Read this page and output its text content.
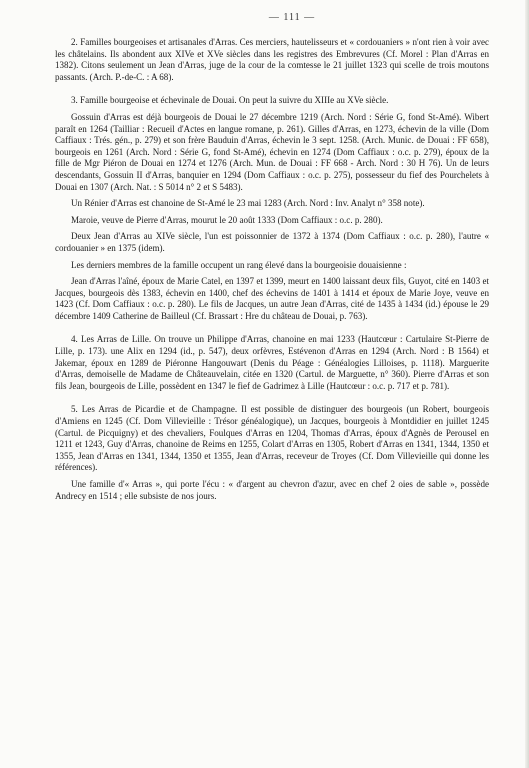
— 111 —

2. Familles bourgeoises et artisanales d'Arras. Ces merciers, hautelisseurs et « cordouaniers » n'ont rien à voir avec les châtelains. Ils abondent aux XIVe et XVe siècles dans les registres des Embrevures (Cf. Morel : Plan d'Arras en 1382). Citons seulement un Jean d'Arras, juge de la cour de la comtesse le 21 juillet 1323 qui scelle de trois moutons passants. (Arch. P.-de-C. : A 68).

3. Famille bourgeoise et échevinale de Douai. On peut la suivre du XIIIe au XVe siècle.

Gossuin d'Arras est déjà bourgeois de Douai le 27 décembre 1219 (Arch. Nord : Série G, fond St-Amé). Wibert paraît en 1264 (Tailliar : Recueil d'Actes en langue romane, p. 261). Gilles d'Arras, en 1273, échevin de la ville (Dom Caffiaux : Trés. gén., p. 279) et son frère Bauduin d'Arras, échevin le 3 sept. 1258. (Arch. Munic. de Douai : FF 658), bourgeois en 1261 (Arch. Nord : Série G, fond St-Amé), échevin en 1274 (Dom Caffiaux : o.c. p. 279), époux de la fille de Mgr Piéron de Douai en 1274 et 1276 (Arch. Mun. de Douai : FF 668 - Arch. Nord : 30 H 76). Un de leurs descendants, Gossuin II d'Arras, banquier en 1294 (Dom Caffiaux : o.c. p. 275), possesseur du fief des Pourchelets à Douai en 1307 (Arch. Nat. : S 5014 n° 2 et S 5483).

Un Rénier d'Arras est chanoine de St-Amé le 23 mai 1283 (Arch. Nord : Inv. Analyt n° 358 note).

Maroie, veuve de Pierre d'Arras, mourut le 20 août 1333 (Dom Caffiaux : o.c. p. 280).

Deux Jean d'Arras au XIVe siècle, l'un est poissonnier de 1372 à 1374 (Dom Caffiaux : o.c. p. 280), l'autre « cordouanier » en 1375 (idem).

Les derniers membres de la famille occupent un rang élevé dans la bourgeoisie douaisienne :

Jean d'Arras l'aîné, époux de Marie Catel, en 1397 et 1399, meurt en 1400 laissant deux fils, Guyot, cité en 1403 et Jacques, bourgeois dès 1383, échevin en 1400, chef des échevins de 1401 à 1414 et époux de Marie Joye, veuve en 1423 (Cf. Dom Caffiaux : o.c. p. 280). Le fils de Jacques, un autre Jean d'Arras, cité de 1435 à 1434 (id.) épouse le 29 décembre 1409 Catherine de Bailleul (Cf. Brassart : Hre du château de Douai, p. 763).

4. Les Arras de Lille. On trouve un Philippe d'Arras, chanoine en mai 1233 (Hautcœur : Cartulaire St-Pierre de Lille, p. 173). une Alix en 1294 (id., p. 547), deux orfèvres, Estévenon d'Arras en 1294 (Arch. Nord : B 1564) et Jakemar, époux en 1289 de Piéronne Hangouwart (Denis du Péage : Généalogies Lilloises, p. 1118). Marguerite d'Arras, demoiselle de Madame de Châteauvelain, citée en 1320 (Cartul. de Marguette, n° 360). Pierre d'Arras et son fils Jean, bourgeois de Lille, possèdent en 1347 le fief de Gadrimez à Lille (Hautcœur : o.c. p. 717 et p. 781).

5. Les Arras de Picardie et de Champagne. Il est possible de distinguer des bourgeois (un Robert, bourgeois d'Amiens en 1245 (Cf. Dom Villevieille : Trésor généalogique), un Jacques, bourgeois à Montdidier en juillet 1245 (Cartul. de Picquigny) et des chevaliers, Foulques d'Arras en 1204, Thomas d'Arras, époux d'Agnès de Perousel en 1211 et 1243, Guy d'Arras, chanoine de Reims en 1255, Colart d'Arras en 1305, Robert d'Arras en 1341, 1344, 1350 et 1355, Jean d'Arras en 1341, 1344, 1350 et 1355, Jean d'Arras, receveur de Troyes (Cf. Dom Villevieille qui donne les références).

Une famille d'« Arras », qui porte l'écu : « d'argent au chevron d'azur, avec en chef 2 oies de sable », possède Andrecy en 1514 ; elle subsiste de nos jours.
